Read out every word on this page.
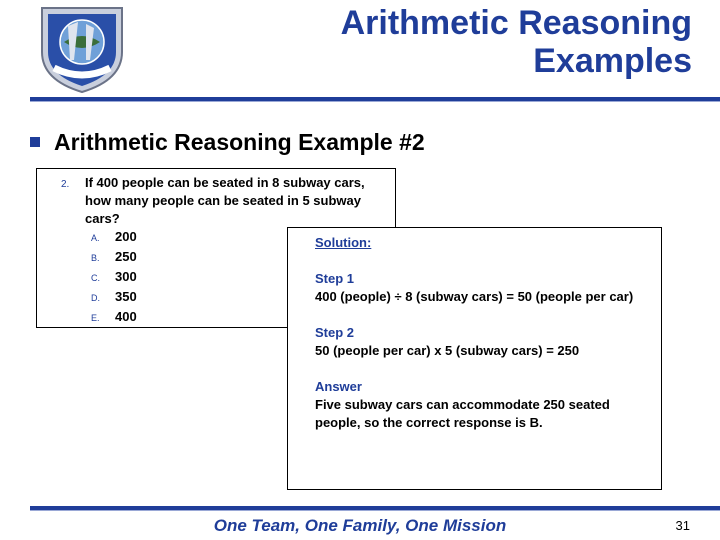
Arithmetic Reasoning
Examples
Arithmetic Reasoning Example #2
2. If 400 people can be seated in 8 subway cars, how many people can be seated in 5 subway cars?
A. 200
B. 250
C. 300
D. 350
E. 400
Solution:
Step 1
400 (people) ÷ 8 (subway cars) = 50 (people per car)
Step 2
50 (people per car) x 5 (subway cars) = 250
Answer
Five subway cars can accommodate 250 seated people, so the correct response is B.
One Team, One Family, One Mission	31
